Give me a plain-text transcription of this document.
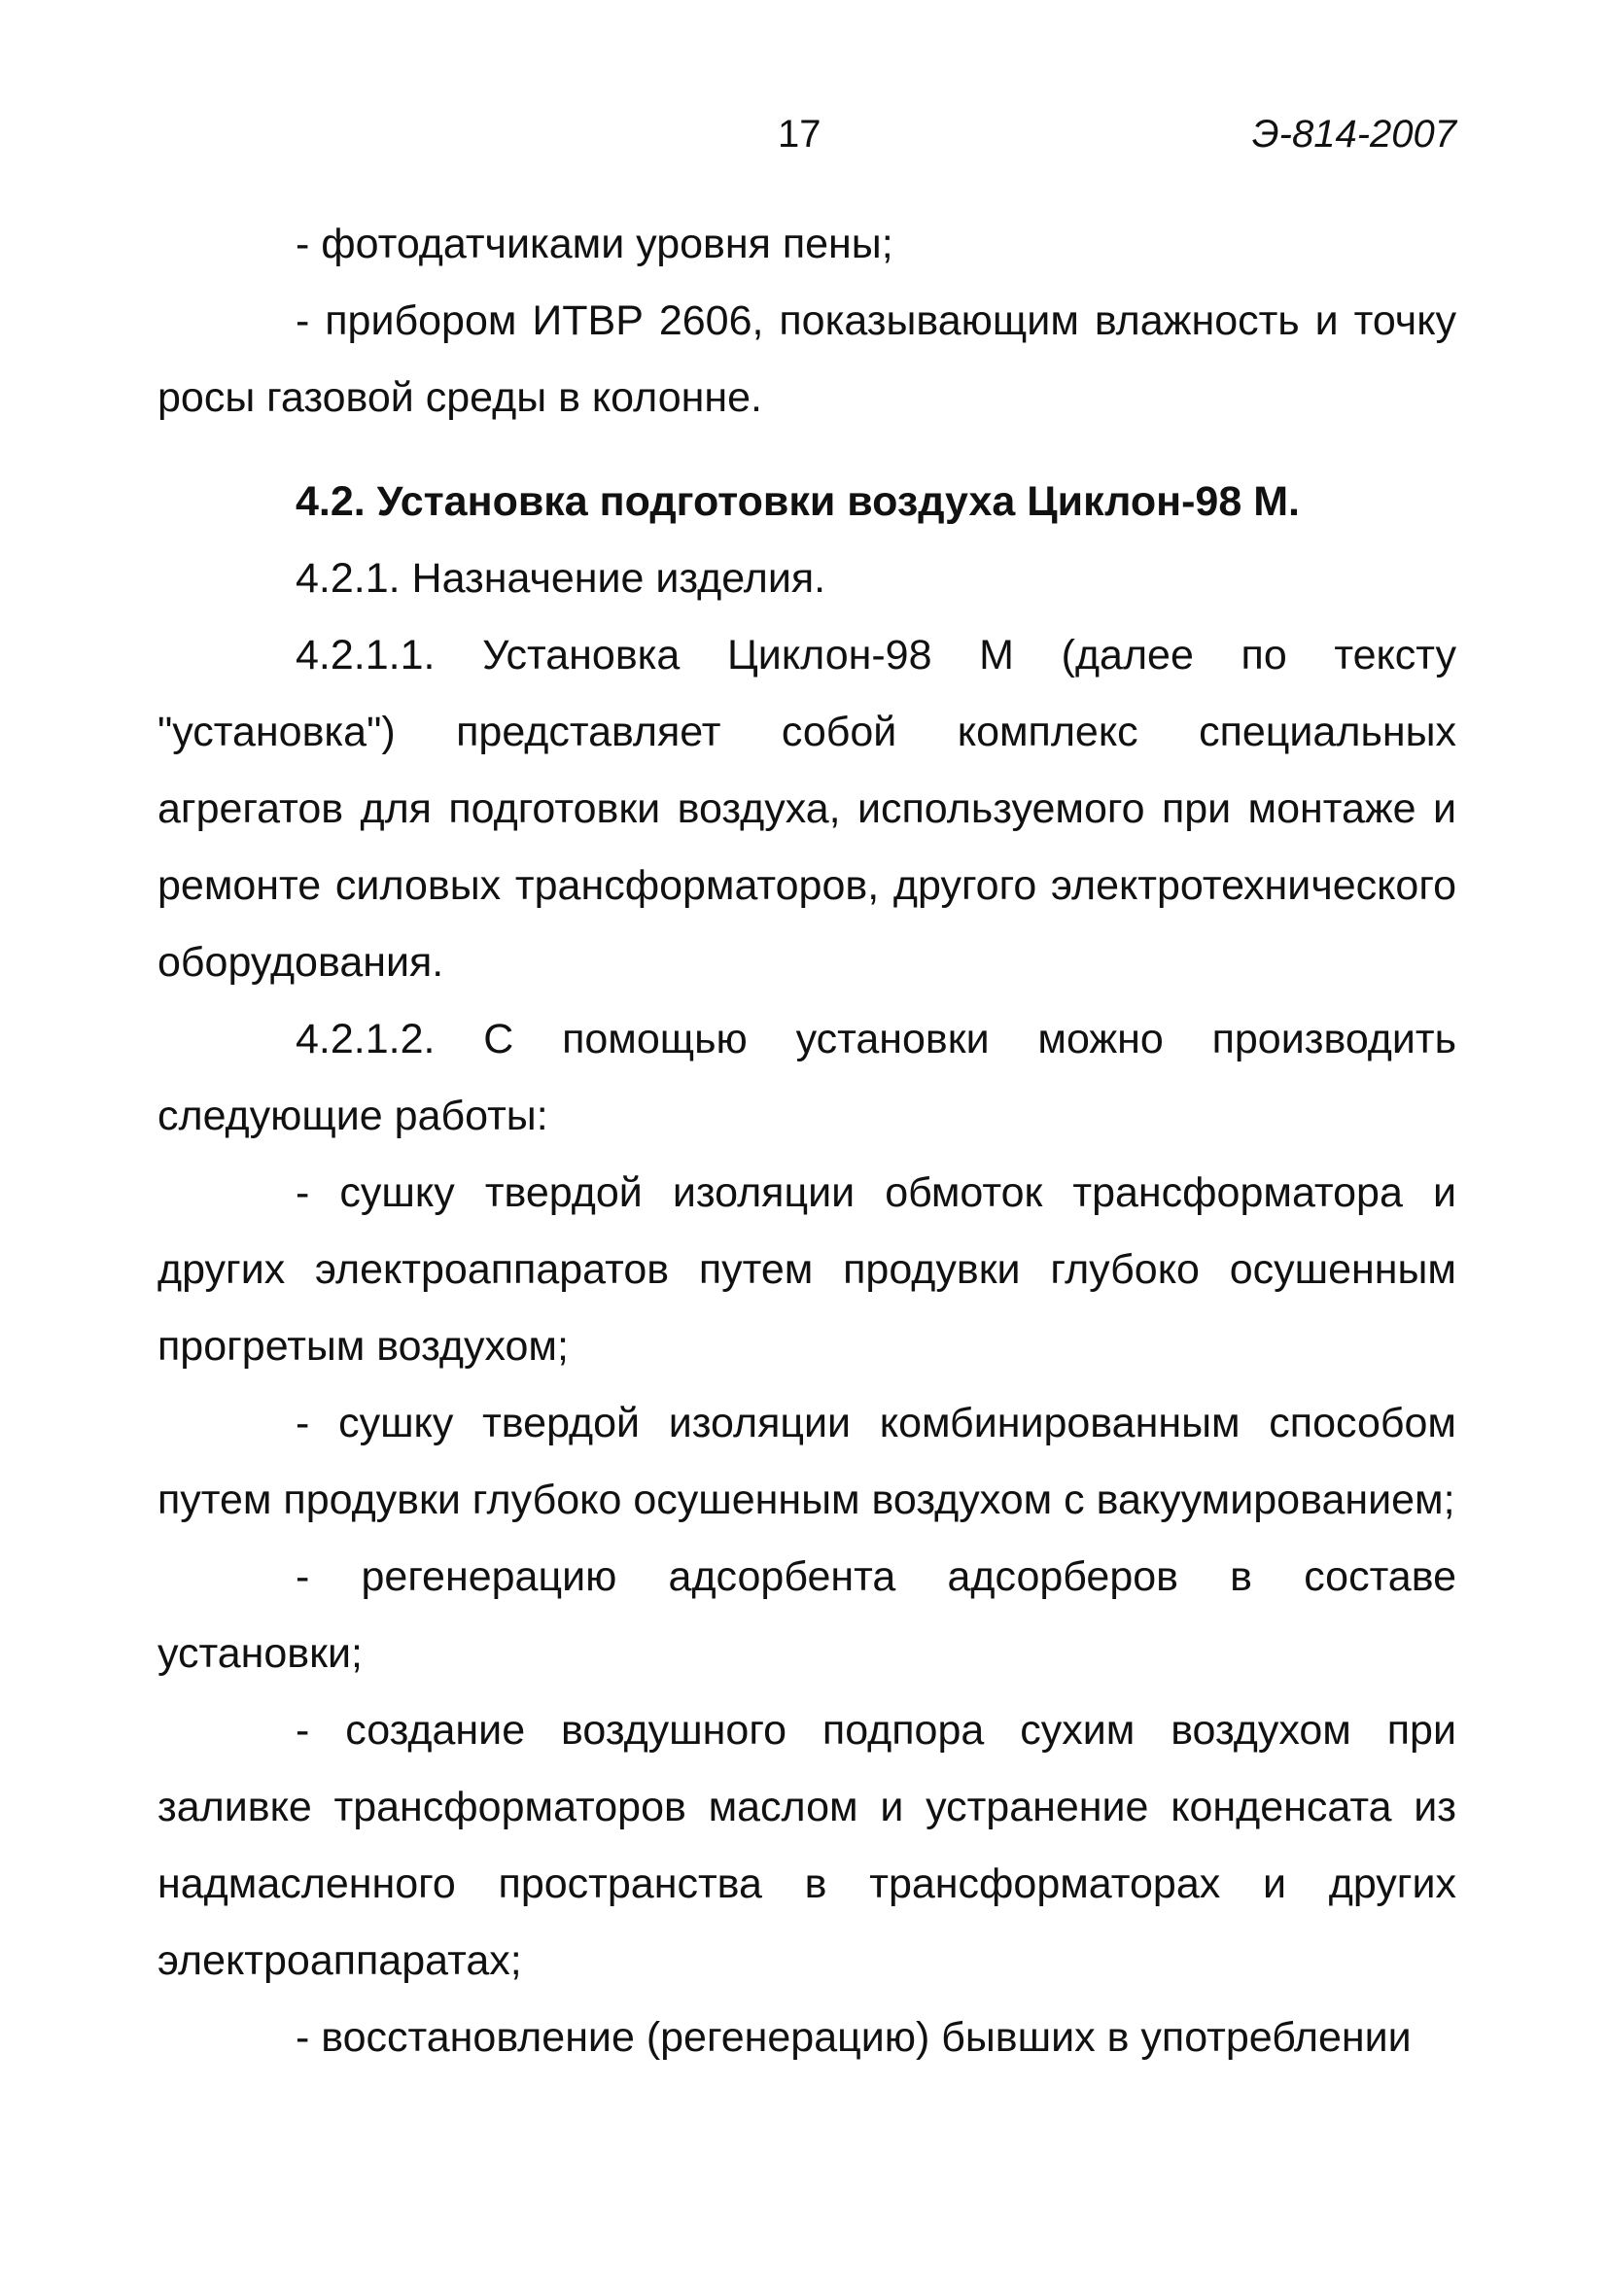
17	Э-814-2007

- фотодатчиками уровня пены;

- прибором ИТВР 2606, показывающим влажность и точку росы газовой среды в колонне.

4.2. Установка подготовки воздуха Циклон-98 М.

4.2.1. Назначение изделия.

4.2.1.1. Установка Циклон-98 М (далее по тексту "установка") представляет собой комплекс специальных агрегатов для подготовки воздуха, используемого при монтаже и ремонте силовых трансформаторов, другого электротехнического оборудования.

4.2.1.2. С помощью установки можно производить следующие работы:

- сушку твердой изоляции обмоток трансформатора и других электроаппаратов путем продувки глубоко осушенным прогретым воздухом;

- сушку твердой изоляции комбинированным способом путем продувки глубоко осушенным воздухом с вакуумированием;

- регенерацию адсорбента адсорберов в составе установки;

- создание воздушного подпора сухим воздухом при заливке трансформаторов маслом и устранение конденсата из надмасленного пространства в трансформаторах и других электроаппаратах;

- восстановление (регенерацию) бывших в употреблении
